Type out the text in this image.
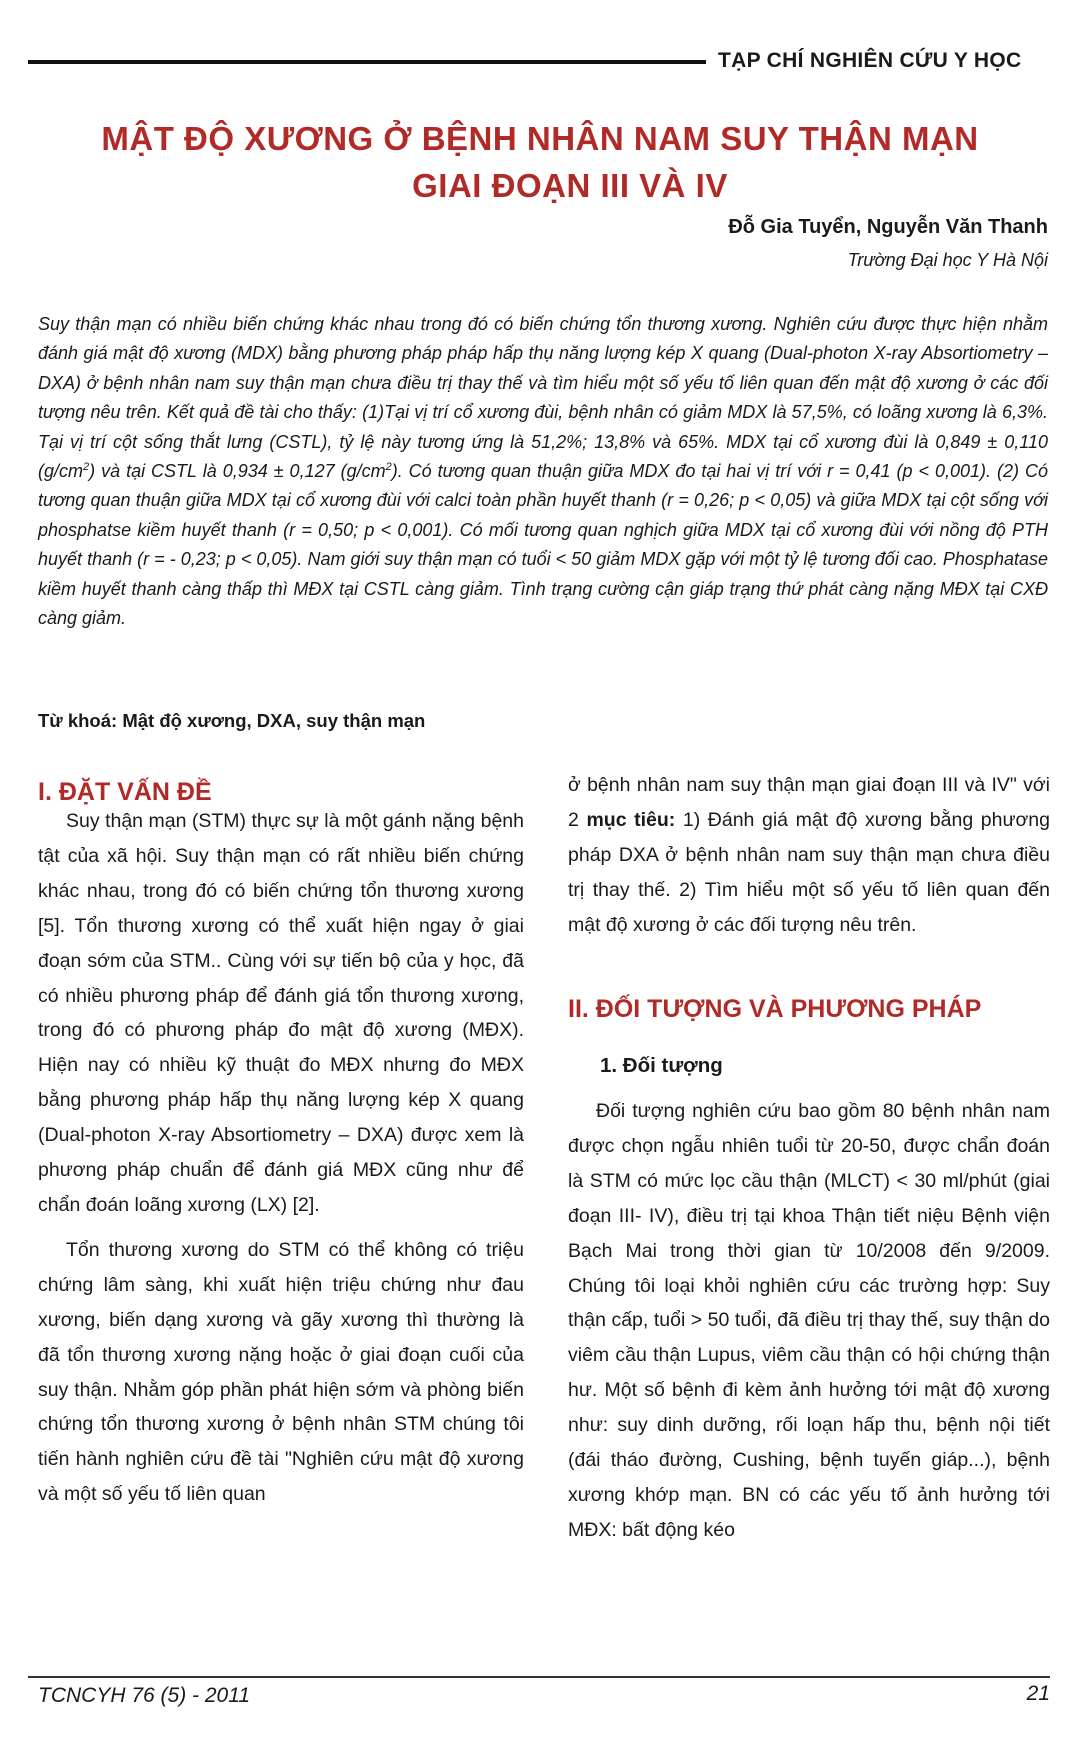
TẠP CHÍ NGHIÊN CỨU Y HỌC
MẬT ĐỘ XƯƠNG Ở BỆNH NHÂN NAM SUY THẬN MẠN
GIAI ĐOẠN III VÀ IV
Đỗ Gia Tuyển, Nguyễn Văn Thanh
Trường Đại học Y Hà Nội
Suy thận mạn có nhiều biến chứng khác nhau trong đó có biến chứng tổn thương xương. Nghiên cứu được thực hiện nhằm đánh giá mật độ xương (MDX) bằng phương pháp pháp hấp thụ năng lượng kép X quang (Dual-photon X-ray Absortiometry – DXA) ở bệnh nhân nam suy thận mạn chưa điều trị thay thế và tìm hiểu một số yếu tố liên quan đến mật độ xương ở các đối tượng nêu trên. Kết quả đề tài cho thấy: (1)Tại vị trí cổ xương đùi, bệnh nhân có giảm MDX là 57,5%, có loãng xương là 6,3%. Tại vị trí cột sống thắt lưng (CSTL), tỷ lệ này tương ứng là 51,2%; 13,8% và 65%. MDX tại cổ xương đùi là 0,849 ± 0,110 $(g/cm^2)$ và tại CSTL là 0,934 ± 0,127 $(g/cm^2)$. Có tương quan thuận giữa MDX đo tại hai vị trí với r = 0,41 (p < 0,001). (2) Có tương quan thuận giữa MDX tại cổ xương đùi với calci toàn phần huyết thanh (r = 0,26; p < 0,05) và giữa MDX tại cột sống với phosphatse kiềm huyết thanh (r = 0,50; p < 0,001). Có mối tương quan nghịch giữa MDX tại cổ xương đùi với nồng độ PTH huyết thanh (r = - 0,23; p < 0,05). Nam giới suy thận mạn có tuổi < 50 giảm MDX gặp với một tỷ lệ tương đối cao. Phosphatase kiềm huyết thanh càng thấp thì MĐX tại CSTL càng giảm. Tình trạng cường cận giáp trạng thứ phát càng nặng MĐX tại CXĐ càng giảm.
Từ khoá: Mật độ xương, DXA, suy thận mạn
I. ĐẶT VẤN ĐỀ

Suy thận mạn (STM) thực sự là một gánh nặng bệnh tật của xã hội. Suy thận mạn có rất nhiều biến chứng khác nhau, trong đó có biến chứng tổn thương xương [5]. Tổn thương xương có thể xuất hiện ngay ở giai đoạn sớm của STM.. Cùng với sự tiến bộ của y học, đã có nhiều phương pháp để đánh giá tổn thương xương, trong đó có phương pháp đo mật độ xương (MĐX). Hiện nay có nhiều kỹ thuật đo MĐX nhưng đo MĐX bằng phương pháp hấp thụ năng lượng kép X quang (Dual-photon X-ray Absortiometry – DXA) được xem là phương pháp chuẩn để đánh giá MĐX cũng như để chẩn đoán loãng xương (LX) [2].

Tổn thương xương do STM có thể không có triệu chứng lâm sàng, khi xuất hiện triệu chứng như đau xương, biến dạng xương và gãy xương thì thường là đã tổn thương xương nặng hoặc ở giai đoạn cuối của suy thận. Nhằm góp phần phát hiện sớm và phòng biến chứng tổn thương xương ở bệnh nhân STM chúng tôi tiến hành nghiên cứu đề tài "Nghiên cứu mật độ xương và một số yếu tố liên quan

ở bệnh nhân nam suy thận mạn giai đoạn III và IV" với 2 mục tiêu: 1) Đánh giá mật độ xương bằng phương pháp DXA ở bệnh nhân nam suy thận mạn chưa điều trị thay thế. 2) Tìm hiểu một số yếu tố liên quan đến mật độ xương ở các đối tượng nêu trên.

II. ĐỐI TƯỢNG VÀ PHƯƠNG PHÁP
1. Đối tượng

Đối tượng nghiên cứu bao gồm 80 bệnh nhân nam được chọn ngẫu nhiên tuổi từ 20-50, được chẩn đoán là STM có mức lọc cầu thận (MLCT) < 30 ml/phút (giai đoạn III- IV), điều trị tại khoa Thận tiết niệu Bệnh viện Bạch Mai trong thời gian từ 10/2008 đến 9/2009. Chúng tôi loại khỏi nghiên cứu các trường hợp: Suy thận cấp, tuổi > 50 tuổi, đã điều trị thay thế, suy thận do viêm cầu thận Lupus, viêm cầu thận có hội chứng thận hư. Một số bệnh đi kèm ảnh hưởng tới mật độ xương như: suy dinh dưỡng, rối loạn hấp thu, bệnh nội tiết (đái tháo đường, Cushing, bệnh tuyến giáp...), bệnh xương khớp mạn. BN có các yếu tố ảnh hưởng tới MĐX: bất động kéo

TCNCYH 76 (5) - 2011	21
